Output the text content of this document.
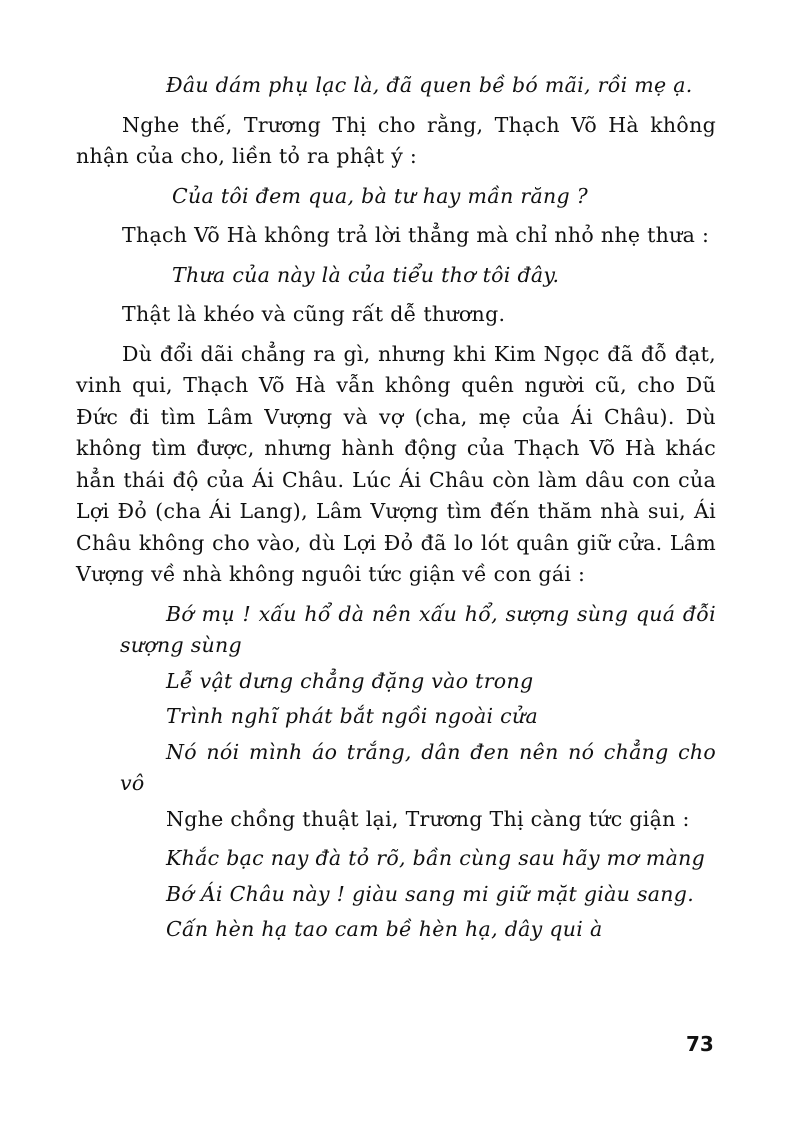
Đâu dám phụ lạc là, đã quen bề bó mãi, rồi mẹ ạ.

Nghe thế, Trương Thị cho rằng, Thạch Võ Hà không nhận của cho, liền tỏ ra phật ý :

Của tôi đem qua, bà tư hay mần răng ?

Thạch Võ Hà không trả lời thẳng mà chỉ nhỏ nhẹ thưa :

Thưa của này là của tiểu thơ tôi đây.

Thật là khéo và cũng rất dễ thương.

Dù đổi dãi chẳng ra gì, nhưng khi Kim Ngọc đã đỗ đạt, vinh qui, Thạch Võ Hà vẫn không quên người cũ, cho Dũ Đức đi tìm Lâm Vượng và vợ (cha, mẹ của Ái Châu). Dù không tìm được, nhưng hành động của Thạch Võ Hà khác hẳn thái độ của Ái Châu. Lúc Ái Châu còn làm dâu con của Lợi Đỏ (cha Ái Lang), Lâm Vượng tìm đến thăm nhà sui, Ái Châu không cho vào, dù Lợi Đỏ đã lo lót quân giữ cửa. Lâm Vượng về nhà không nguôi tức giận về con gái :

Bớ mụ ! xấu hổ dà nên xấu hổ, sượng sùng quá đỗi sượng sùng

Lễ vật dưng chẳng đặng vào trong

Trình nghĩ phát bắt ngồi ngoài cửa

Nó nói mình áo trắng, dân đen nên nó chẳng cho vô

Nghe chồng thuật lại, Trương Thị càng tức giận :

Khắc bạc nay đà tỏ rõ, bần cùng sau hãy mơ màng

Bớ Ái Châu này ! giàu sang mi giữ mặt giàu sang.

Cấn hèn hạ tao cam bề hèn hạ, dây qui à

73
